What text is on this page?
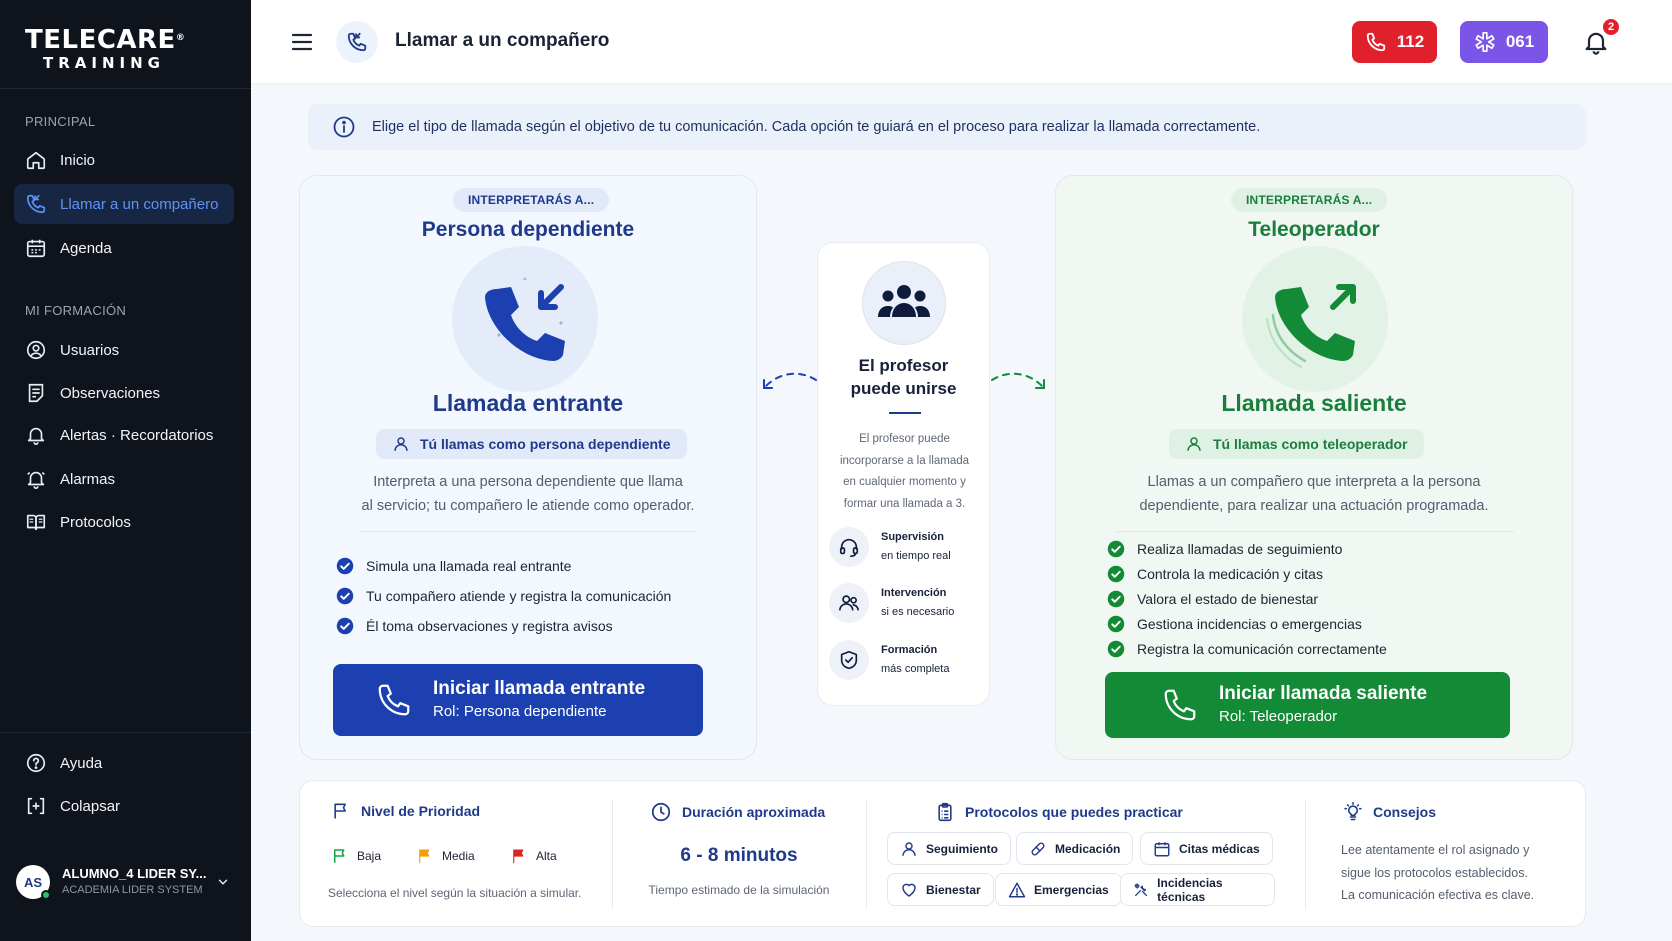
TELECARE®
TRAINING
PRINCIPAL
Inicio
Llamar a un compañero
Agenda
MI FORMACIÓN
Usuarios
Observaciones
Alertas · Recordatorios
Alarmas
Protocolos
Ayuda
Colapsar
AS
ALUMNO_4 LIDER SY...
ACADEMIA LIDER SYSTEM
Llamar a un compañero	112	061
2
Elige el tipo de llamada según el objetivo de tu comunicación. Cada opción te guiará en el proceso para realizar la llamada correctamente.
INTERPRETARÁS A...
Persona dependiente
Llamada entrante
Tú llamas como persona dependiente
Interpreta a una persona dependiente que llama
al servicio; tu compañero le atiende como operador.
Simula una llamada real entrante
Tu compañero atiende y registra la comunicación
Él toma observaciones y registra avisos
Iniciar llamada entrante
Rol: Persona dependiente
El profesor
puede unirse
El profesor puede
incorporarse a la llamada
en cualquier momento y
formar una llamada a 3.
Supervisión
en tiempo real
Intervención
si es necesario
Formación
más completa
INTERPRETARÁS A...
Teleoperador
Llamada saliente
Tú llamas como teleoperador
Llamas a un compañero que interpreta a la persona
dependiente, para realizar una actuación programada.
Realiza llamadas de seguimiento
Controla la medicación y citas
Valora el estado de bienestar
Gestiona incidencias o emergencias
Registra la comunicación correctamente
Iniciar llamada saliente
Rol: Teleoperador
Nivel de Prioridad
Baja	Media	Alta
Selecciona el nivel según la situación a simular.
Duración aproximada
6 - 8 minutos
Tiempo estimado de la simulación
Protocolos que puedes practicar
Seguimiento	Medicación	Citas médicas
Bienestar	Emergencias	Incidencias técnicas
Consejos
Lee atentamente el rol asignado y
sigue los protocolos establecidos.
La comunicación efectiva es clave.
